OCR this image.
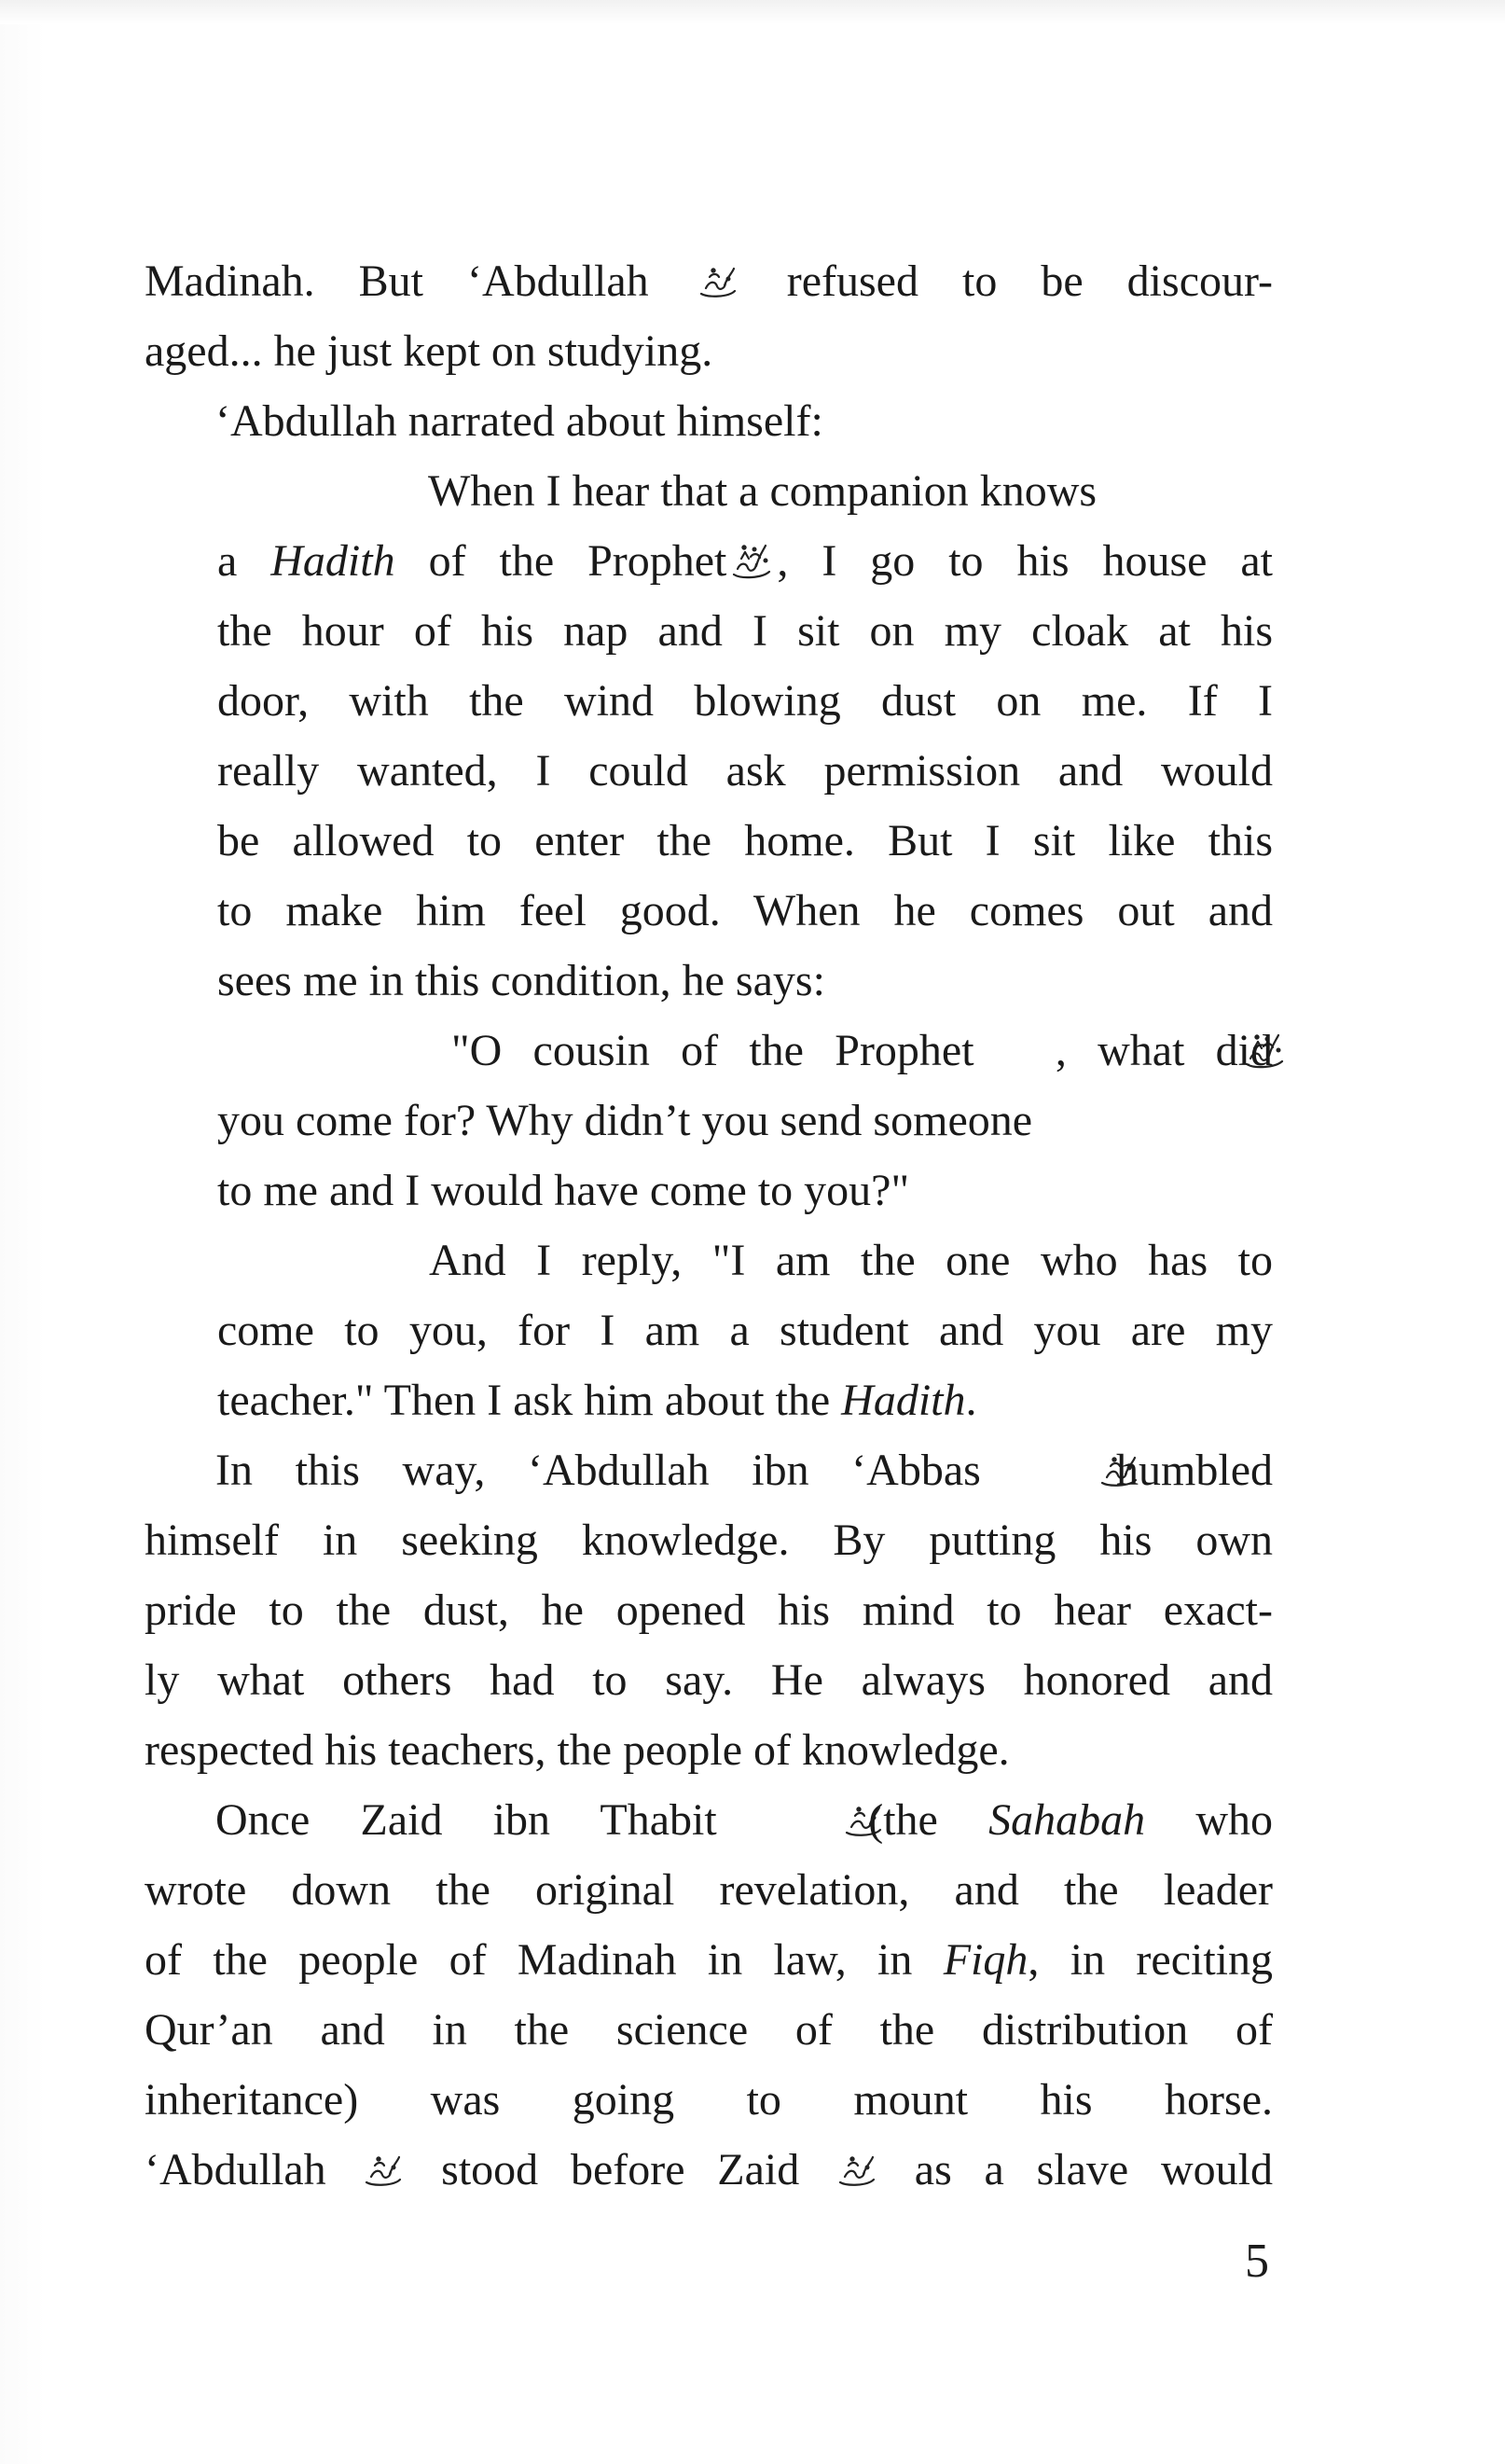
Madinah. But ‘Abdullah	refused to be discour-
aged... he just kept on studying.
‘Abdullah narrated about himself:
When I hear that a companion knows
a Hadith of the Prophet , I go to his house at
the hour of his nap and I sit on my cloak at his
door, with the wind blowing dust on me. If I
really wanted, I could ask permission and would
be allowed to enter the home. But I sit like this
to make him feel good. When he comes out and
sees me in this condition, he says:
"O cousin of the Prophet , what did
you come for? Why didn’t you send someone
to me and I would have come to you?"
And I reply, "I am the one who has to
come to you, for I am a student and you are my
teacher." Then I ask him about the Hadith.
In this way, ‘Abdullah ibn ‘Abbas	humbled
himself in seeking knowledge. By putting his own
pride to the dust, he opened his mind to hear exact-
ly what others had to say. He always honored and
respected his teachers, the people of knowledge.
Once Zaid ibn Thabit	(the Sahabah who
wrote down the original revelation, and the leader
of the people of Madinah in law, in Fiqh, in reciting
Qur’an and in the science of the distribution of
inheritance) was going to mount his horse.
‘Abdullah	stood before Zaid	as a slave would
5
